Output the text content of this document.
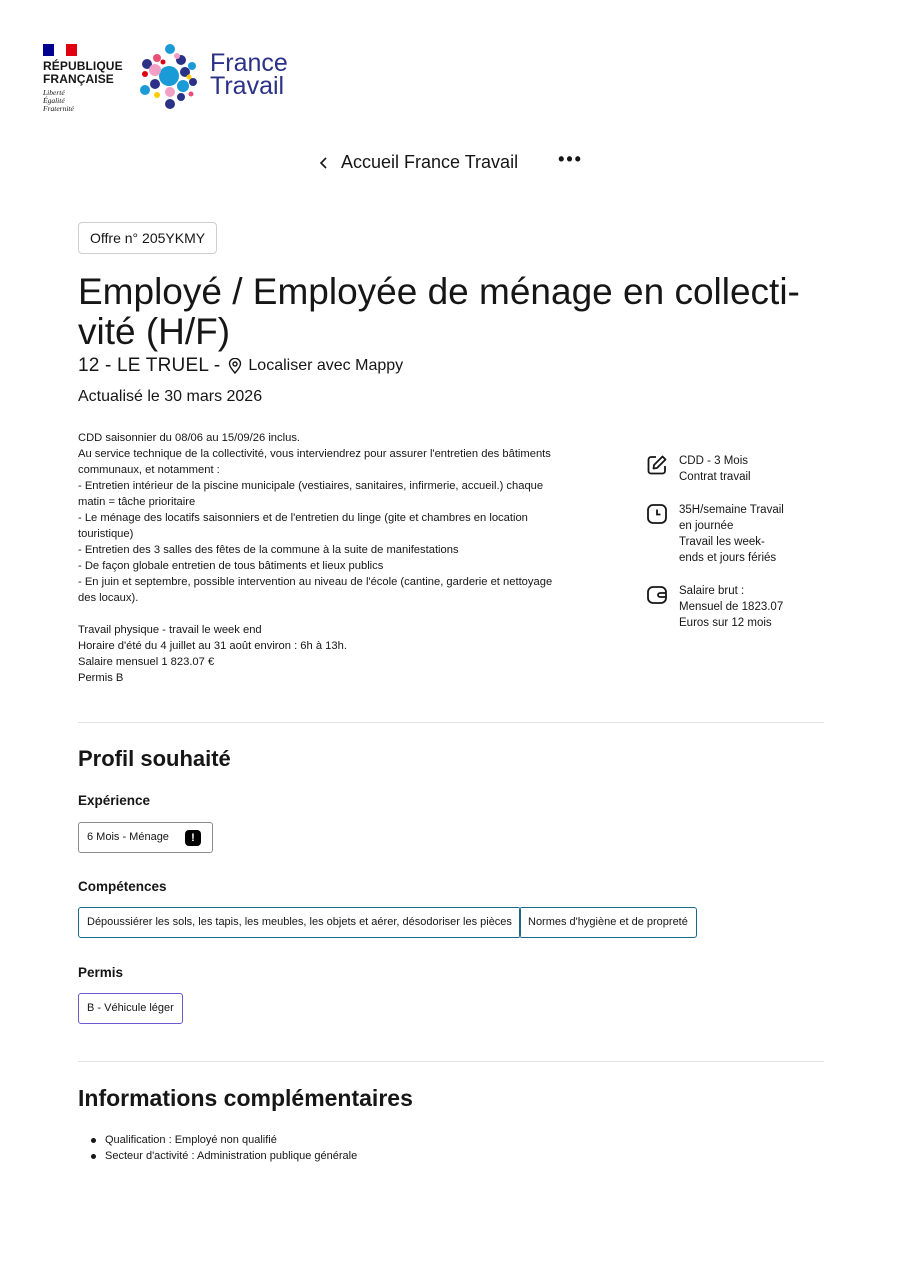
RÉPUBLIQUE
FRANÇAISE
Liberté
Égalité
Fraternité
France
Travail
Accueil France Travail •••
Offre n° 205YKMY
Employé / Employée de ménage en collecti-
vité (H/F)
12 - LE TRUEL - Localiser avec Mappy
Actualisé le 30 mars 2026

CDD saisonnier du 08/06 au 15/09/26 inclus.
Au service technique de la collectivité, vous interviendrez pour assurer l'entretien des bâtiments communaux, et notamment :
- Entretien intérieur de la piscine municipale (vestiaires, sanitaires, infirmerie, accueil.) chaque matin = tâche prioritaire
- Le ménage des locatifs saisonniers et de l'entretien du linge (gite et chambres en location touristique)
- Entretien des 3 salles des fêtes de la commune à la suite de manifestations
- De façon globale entretien de tous bâtiments et lieux publics
- En juin et septembre, possible intervention au niveau de l'école (cantine, garderie et nettoyage des locaux).

Travail physique - travail le week end
Horaire d'été du 4 juillet au 31 août environ : 6h à 13h.
Salaire mensuel 1 823.07 €
Permis B

CDD - 3 Mois
Contrat travail
35H/semaine Travail
en journée
Travail les week-
ends et jours fériés
Salaire brut :
Mensuel de 1823.07
Euros sur 12 mois
Profil souhaité
Expérience
6 Mois - Ménage	!
Compétences
Dépoussiérer les sols, les tapis, les meubles, les objets et aérer, désodoriser les pièces	Normes d'hygiène et de propreté
Permis
B - Véhicule léger
Informations complémentaires
Qualification : Employé non qualifié
Secteur d'activité : Administration publique générale
